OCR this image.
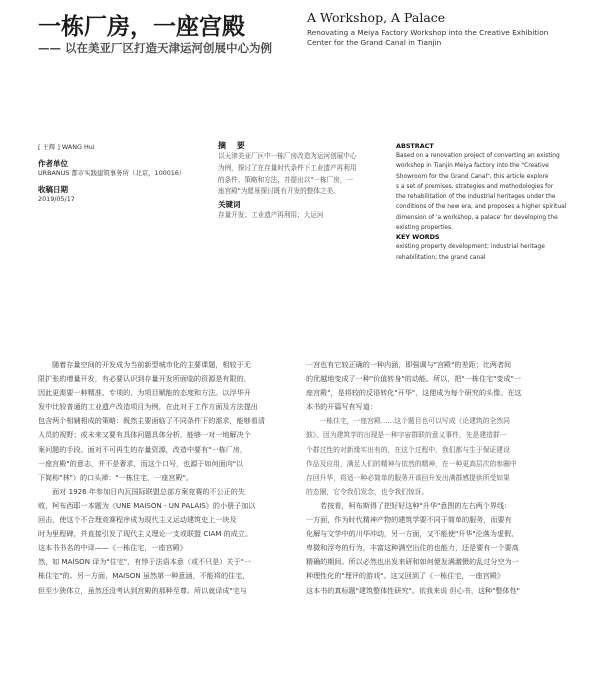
一栋厂房，一座宫殿
—— 以在美亚厂区打造天津运河创展中心为例
A Workshop, A Palace
Renovating a Meiya Factory Workshop into the Creative Exhibition
Center for the Grand Canal in Tianjin
[ 王辉 ] WANG Hui
作者单位
URBANUS 都市实践建筑事务所（北京，100016）
收稿日期
2019/05/17
摘 要
以天津美亚厂区中一栋厂房改造为运河创展中心
为例，探讨了在存量时代条件下工业遗产再利用
的条件、策略和方法，并提出以"一栋厂房，一
座宫殿"为愿景探讨既有开发的整体之美。
关键词
存量开发；工业遗产再利用；大运河
ABSTRACT
Based on a renovation project of converting an existing
workshop in Tianjin Meiya factory into the "Creative
Showroom for the Grand Canal", this article explore
s a set of premises, strategies and methodologies for
the rehabilitation of the industrial heritages under the
conditions of the new era, and proposes a higher spiritual
dimension of 'a workshop, a palace' for developing the
existing properties.
KEY WORDS
existing property development; industrial heritage
rehabilitation; the grand canal
　　随着存量空间的开发成为当前新型城市化的主要课题，相较于无
限扩张的增量开发，有必要认识到存量开发所面临的资源是有限的，
因此更需要一种精准、专项的、为项目赋能的态度和方法。以浮华开
发中比较普通的工业遗产改造项目为例，在此对于工作方面及方法提出
包含两个相辅相成的策略：既然主要面临了不同条件下的需求，能够看清
人员的视野；或未来又要有具体问题具体分析，能够一对一地解决个
案问题的手段。面对不可再生的存量资源，改造中要有"一栋厂房，
一座宫殿"的意志，并不是奢求，而这个口号，也源于如何面向"以
下简称"林"）的口头禅："一栋住宅，一座宫殿"。
　　面对 1926 年参加日内瓦国际联盟总部方案竞赛的不公正的失
败，柯布西耶一本题为《UNE MAISON - UN PALAIS》的小册子加以
回击，使这个不合理竞赛程序成为现代主义运动建筑史上一块及
时为里程碑，并直接引发了现代主义理论一支或联盟 CIAM 的成立。
这本书书名的中译——《一栋住宅，一座宫殿》
然，如 MAISON 译为"住宅"，有悖于法语本意（或不只是）关于"一
栋住宅"的。另一方面，MAISON 虽然第一种意涵，不能将的住宅，
但至少狭体立，虽然还没考认到宫殿的那种至尊。所以就译成"宅与
一宫也有它较正确的一种内涵，即强调与"宫殿"的差距；比两者间
的优越地变成了一种"价值转身"的动能。所以，把"一栋住宅"变成"一
座宫殿"，是将较的反语转化"开华"，这便成为每个研究的头像。在这
本书的开篇写有写道：
　　一栋住宅，一座宫殿……这个题目也可以写成《论建筑的全然同
鼓》。因为建筑学的出现是一种字宙群联的意义事件，先是建造群一
个群过性的对新缘实出有的，在这个过程中，我们都与生于保证建设
作品及应用，满足人们的精神与依然的精神，在一种更高层次的参圈中
存回升华，将适一种必简单的服务开该回升发出满群感提供所受如果
的态圈，它令我们发念，也令我们惊讶。
　　若按看，柯布斯得了把好好这种"升华"意图的左右两个界线：
一方面，作为时代精神产物的建筑学要不同于简单的服务，而要有
化解与文学中的川华冲动，另一方面，又不能使"升华"沦落为虚假、
卑微和浮夸的行为，丰富这种满空出住的也能力，还是要有一个要高
精确的期间。所以必然也出发来研和如何便发满激慑的乱过分空为一
种理性化的"理评的游戏"。这又回到了《一栋住宅，一座宫殿》
这本书的真标题"建筑整体性研究"。依我来说 但心书，这种"整体性"
